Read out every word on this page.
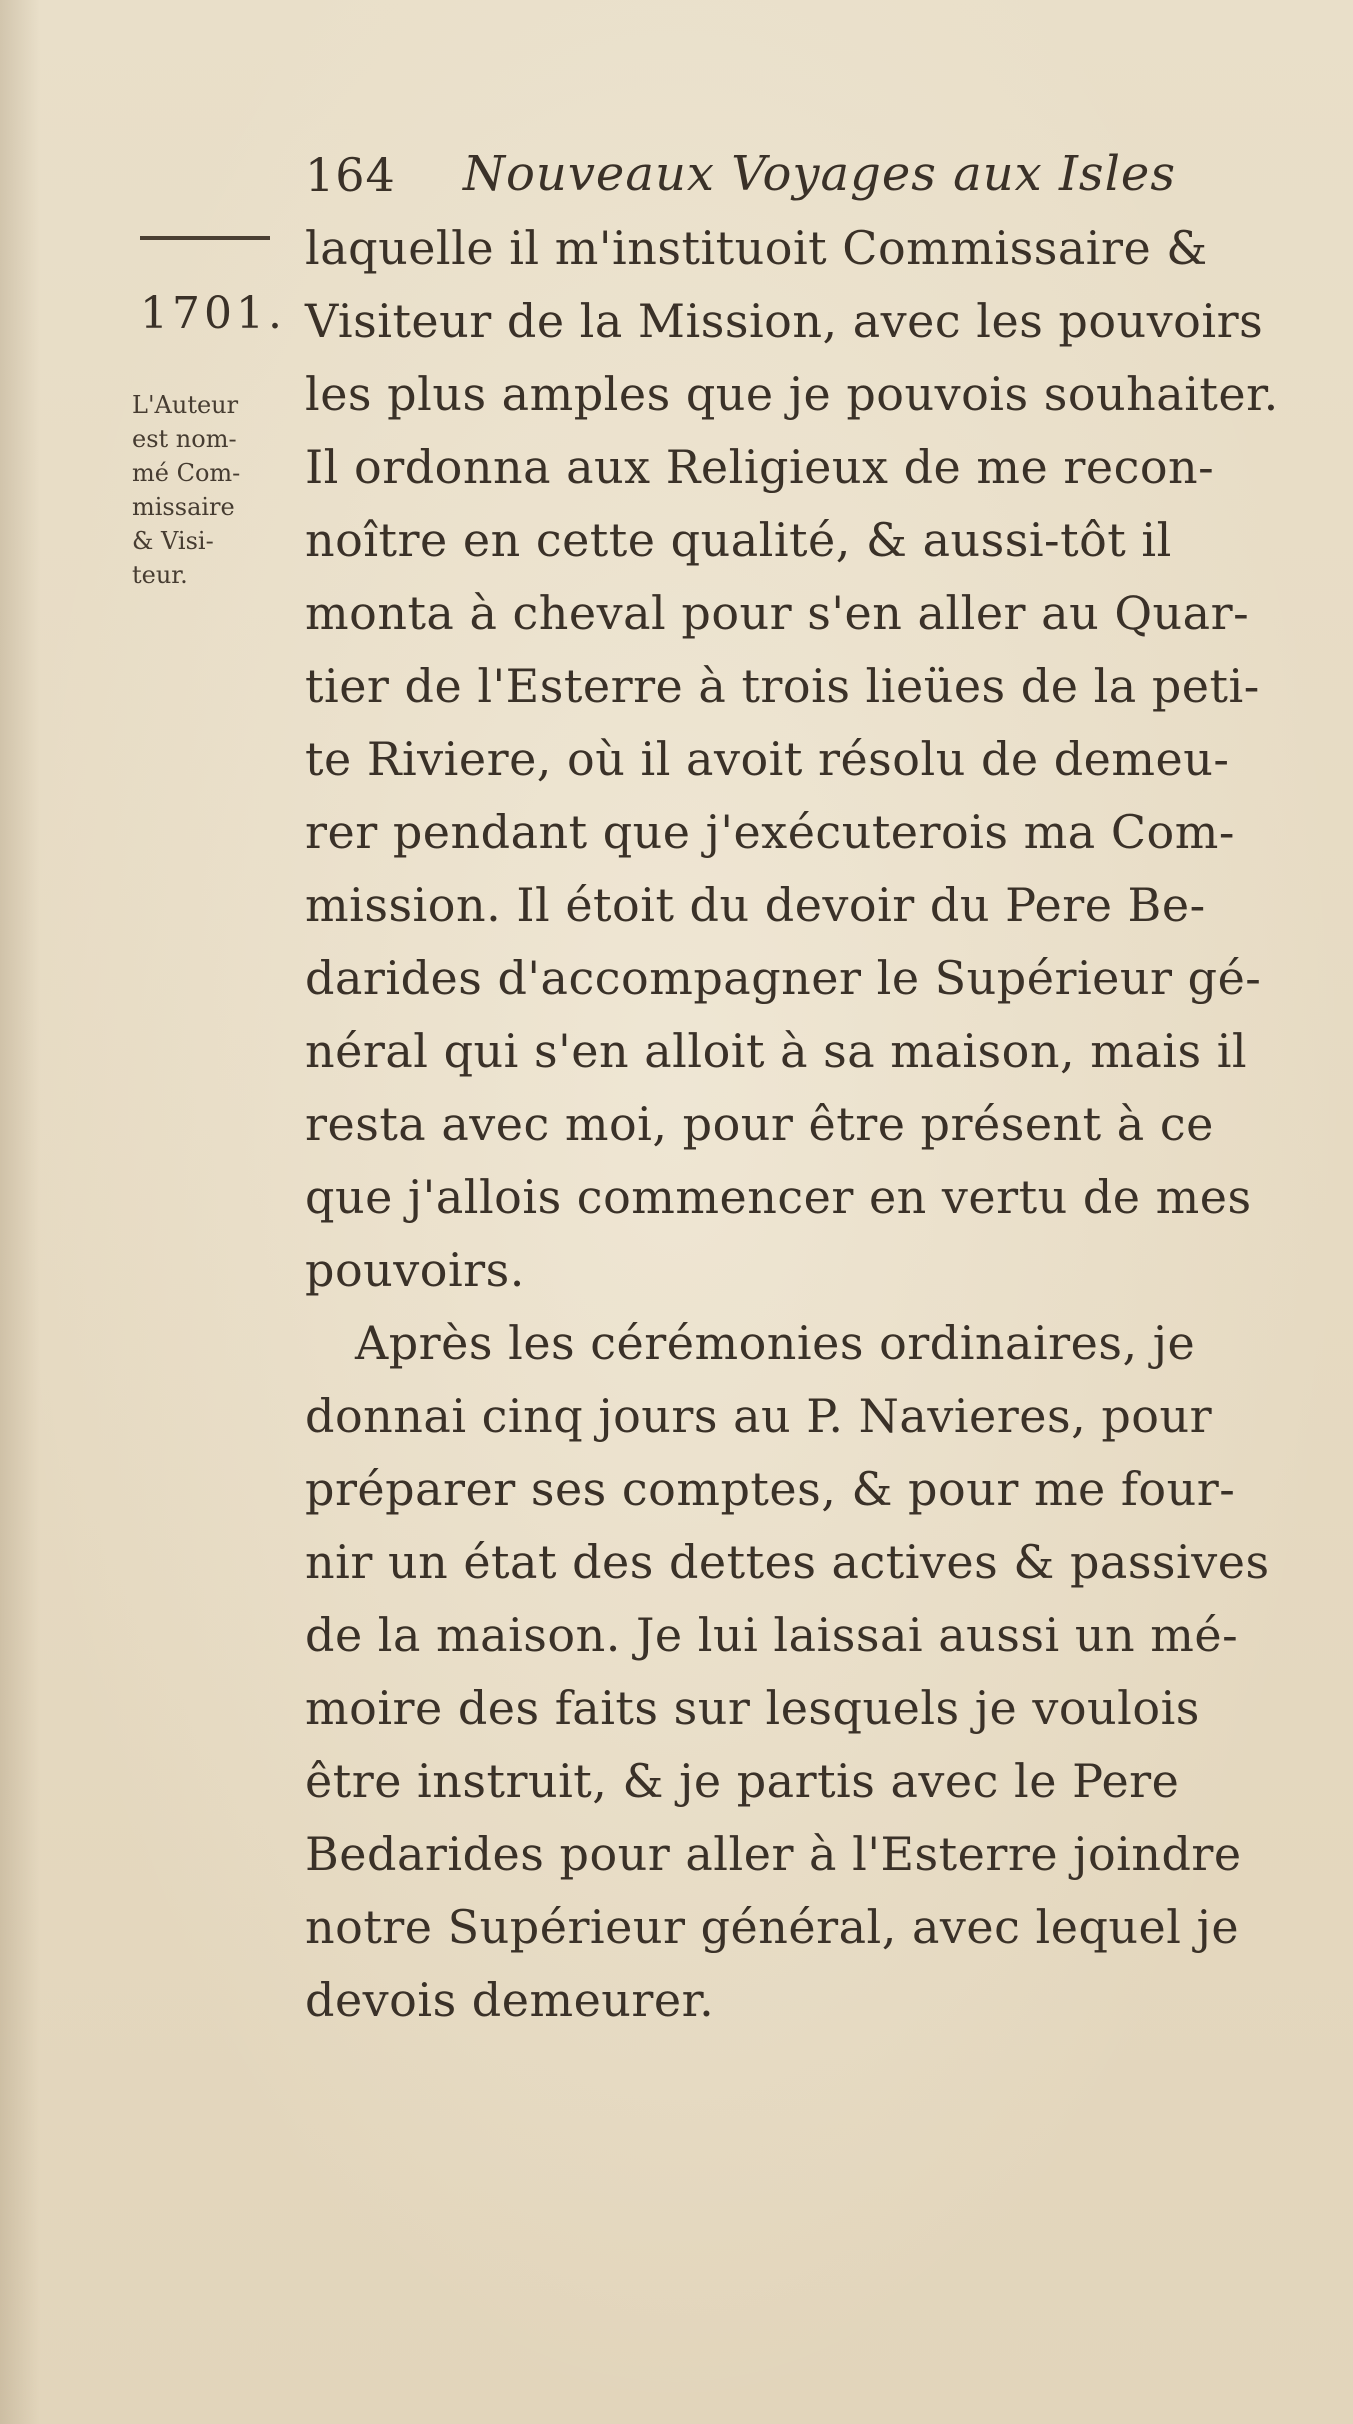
164 Nouveaux Voyages aux Isles
1701.
L'Auteur
est nom-
mé Com-
missaire
& Visi-
teur.
laquelle il m'instituoit Commissaire &
Visiteur de la Mission, avec les pouvoirs
les plus amples que je pouvois souhaiter.
Il ordonna aux Religieux de me recon-
noître en cette qualité, & aussi-tôt il
monta à cheval pour s'en aller au Quar-
tier de l'Esterre à trois lieües de la peti-
te Riviere, où il avoit résolu de demeu-
rer pendant que j'exécuterois ma Com-
mission. Il étoit du devoir du Pere Be-
darides d'accompagner le Supérieur gé-
néral qui s'en alloit à sa maison, mais il
resta avec moi, pour être présent à ce
que j'allois commencer en vertu de mes
pouvoirs.
Après les cérémonies ordinaires, je
donnai cinq jours au P. Navieres, pour
préparer ses comptes, & pour me four-
nir un état des dettes actives & passives
de la maison. Je lui laissai aussi un mé-
moire des faits sur lesquels je voulois
être instruit, & je partis avec le Pere
Bedarides pour aller à l'Esterre joindre
notre Supérieur général, avec lequel je
devois demeurer.
